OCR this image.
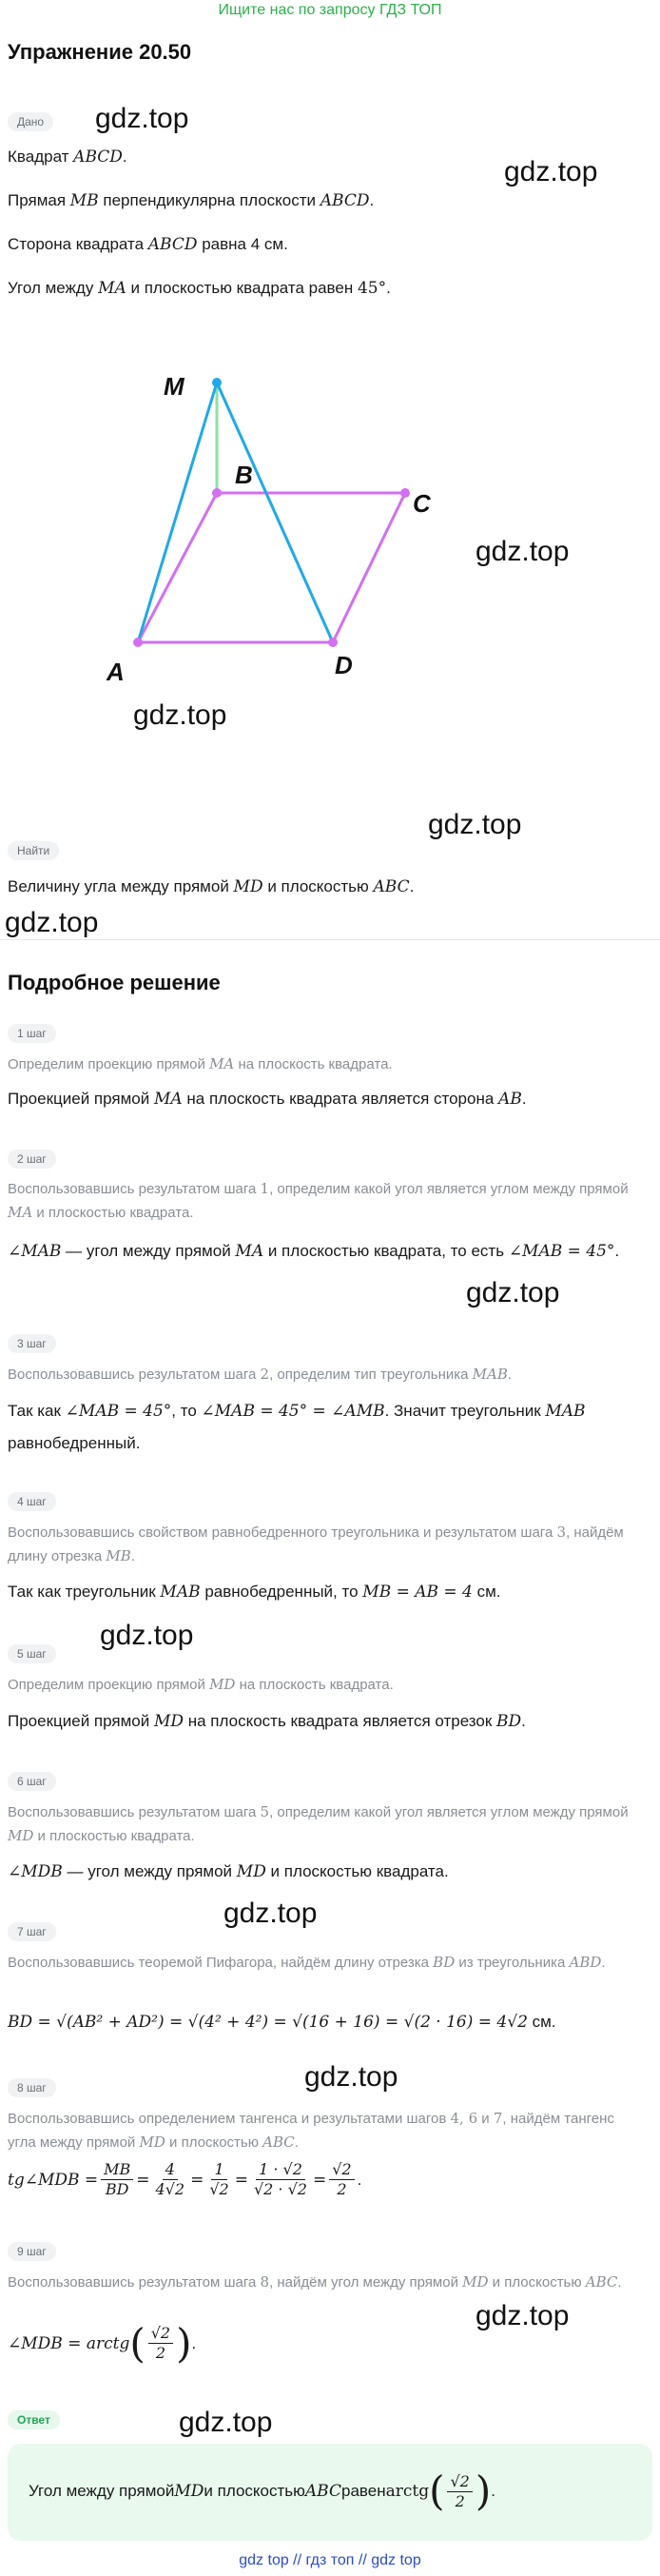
Ищите нас по запросу ГДЗ ТОП
Упражнение 20.50
Дано	gdz.top
gdz.top
Квадрат ABCD.
Прямая MB перпендикулярна плоскости ABCD.
Сторона квадрата ABCD равна 4 см.
Угол между MA и плоскостью квадрата равен 45°.
M
B
C
A	D
gdz.top
gdz.top
gdz.top
Найти
Величину угла между прямой MD и плоскостью ABC.
gdz.top
Подробное решение
1 шаг
Определим проекцию прямой MA на плоскость квадрата.
Проекцией прямой MA на плоскость квадрата является сторона AB.
2 шаг
Воспользовавшись результатом шага 1, определим какой угол является углом между прямой MA и плоскостью квадрата.
∠MAB — угол между прямой MA и плоскостью квадрата, то есть ∠MAB = 45°.
gdz.top
3 шаг
Воспользовавшись результатом шага 2, определим тип треугольника MAB.
Так как ∠MAB = 45°, то ∠MAB = 45° = ∠AMB. Значит треугольник MAB равнобедренный.
4 шаг
Воспользовавшись свойством равнобедренного треугольника и результатом шага 3, найдём длину отрезка MB.
Так как треугольник MAB равнобедренный, то MB = AB = 4 см.
gdz.top
5 шаг
Определим проекцию прямой MD на плоскость квадрата.
Проекцией прямой MD на плоскость квадрата является отрезок BD.
6 шаг
Воспользовавшись результатом шага 5, определим какой угол является углом между прямой MD и плоскостью квадрата.
∠MDB — угол между прямой MD и плоскостью квадрата.
gdz.top
7 шаг
Воспользовавшись теоремой Пифагора, найдём длину отрезка BD из треугольника ABD.
BD = √(AB² + AD²) = √(4² + 4²) = √(16 + 16) = √(2 · 16) = 4√2 см.
gdz.top
8 шаг
Воспользовавшись определением тангенса и результатами шагов 4, 6 и 7, найдём тангенс угла между прямой MD и плоскостью ABC.
tg∠MDB = $\frac{MB}{BD} = \frac{4}{4√2} = \frac{1}{√2} = \frac{1 \cdot √2}{√2 \cdot √2} = \frac{√2}{2}$ .
9 шаг
Воспользовавшись результатом шага 8, найдём угол между прямой MD и плоскостью ABC.
gdz.top
∠MDB = arctg ( $\frac{√2}{2}$ ) .
Ответ	gdz.top
Угол между прямой MD и плоскостью ABC равен arctg ( $\frac{√2}{2}$ ) .
gdz top // гдз топ // gdz top
